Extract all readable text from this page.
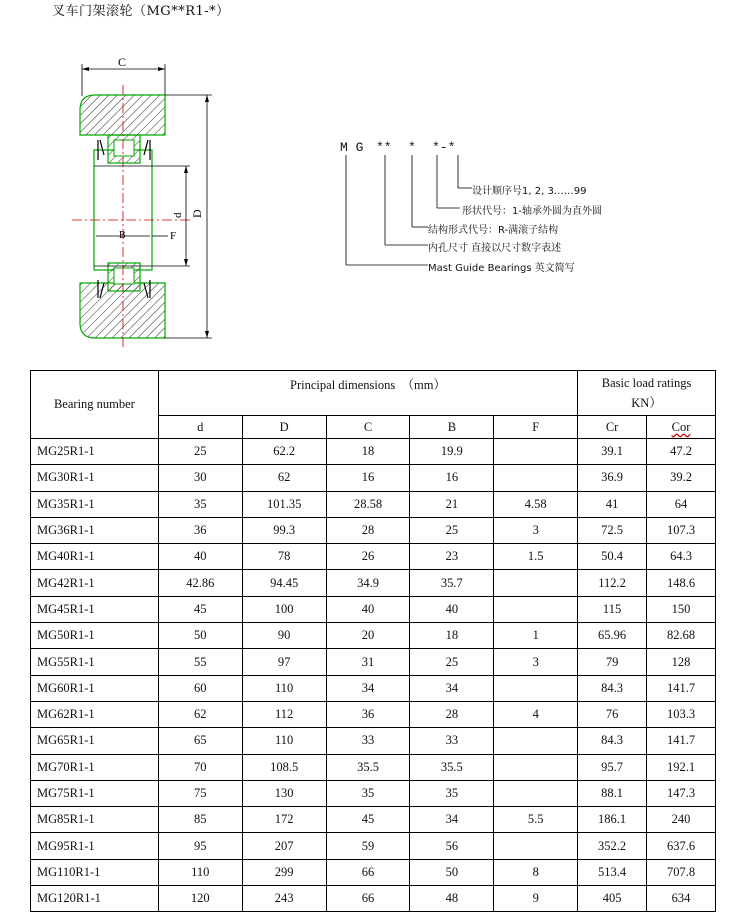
叉车门架滚轮（MG**R1-*）
C
B	F
d D
M G ** * *-*
设计顺序号1, 2, 3……99
形状代号：1-轴承外圆为直外圆
结构形式代号：R-满滚子结构
内孔尺寸 直接以尺寸数字表述
Mast Guide Bearings 英文简写
Bearing number	Principal dimensions　（mm）					Basic load ratings
KN）	
	d	D	C	B	F	Cr	Cor
MG25R1-1	25	62.2	18	19.9		39.1	47.2
MG30R1-1	30	62	16	16		36.9	39.2
MG35R1-1	35	101.35	28.58	21	4.58	41	64
MG36R1-1	36	99.3	28	25	3	72.5	107.3
MG40R1-1	40	78	26	23	1.5	50.4	64.3
MG42R1-1	42.86	94.45	34.9	35.7		112.2	148.6
MG45R1-1	45	100	40	40		115	150
MG50R1-1	50	90	20	18	1	65.96	82.68
MG55R1-1	55	97	31	25	3	79	128
MG60R1-1	60	110	34	34		84.3	141.7
MG62R1-1	62	112	36	28	4	76	103.3
MG65R1-1	65	110	33	33		84.3	141.7
MG70R1-1	70	108.5	35.5	35.5		95.7	192.1
MG75R1-1	75	130	35	35		88.1	147.3
MG85R1-1	85	172	45	34	5.5	186.1	240
MG95R1-1	95	207	59	56		352.2	637.6
MG110R1-1	110	299	66	50	8	513.4	707.8
MG120R1-1	120	243	66	48	9	405	634
